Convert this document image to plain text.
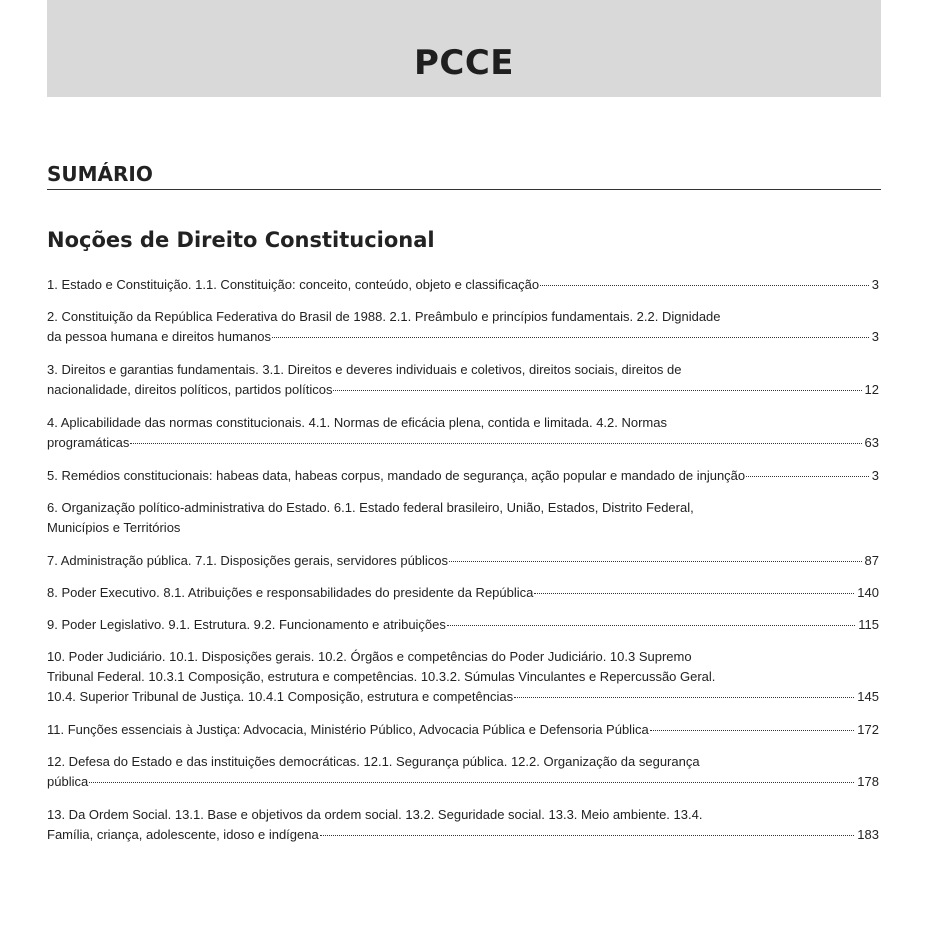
PCCE
SUMÁRIO
Noções de Direito Constitucional
1. Estado e Constituição. 1.1. Constituição: conceito, conteúdo, objeto e classificação	3
2. Constituição da República Federativa do Brasil de 1988. 2.1. Preâmbulo e princípios fundamentais. 2.2. Dignidade
da pessoa humana e direitos humanos	3
3. Direitos e garantias fundamentais. 3.1. Direitos e deveres individuais e coletivos, direitos sociais, direitos de
nacionalidade, direitos políticos, partidos políticos	12
4. Aplicabilidade das normas constitucionais. 4.1. Normas de eficácia plena, contida e limitada. 4.2. Normas
programáticas	63
5. Remédios constitucionais: habeas data, habeas corpus, mandado de segurança, ação popular e mandado de injunção	3
6. Organização político-administrativa do Estado. 6.1. Estado federal brasileiro, União, Estados, Distrito Federal,
Municípios e Territórios
7. Administração pública. 7.1. Disposições gerais, servidores públicos	87
8. Poder Executivo. 8.1. Atribuições e responsabilidades do presidente da República	140
9. Poder Legislativo. 9.1. Estrutura. 9.2. Funcionamento e atribuições	115
10. Poder Judiciário. 10.1. Disposições gerais. 10.2. Órgãos e competências do Poder Judiciário. 10.3 Supremo
Tribunal Federal. 10.3.1 Composição, estrutura e competências. 10.3.2. Súmulas Vinculantes e Repercussão Geral.
10.4. Superior Tribunal de Justiça. 10.4.1 Composição, estrutura e competências	145
11. Funções essenciais à Justiça: Advocacia, Ministério Público, Advocacia Pública e Defensoria Pública	172
12. Defesa do Estado e das instituições democráticas. 12.1. Segurança pública. 12.2. Organização da segurança
pública	178
13. Da Ordem Social. 13.1. Base e objetivos da ordem social. 13.2. Seguridade social. 13.3. Meio ambiente. 13.4.
Família, criança, adolescente, idoso e indígena	183
